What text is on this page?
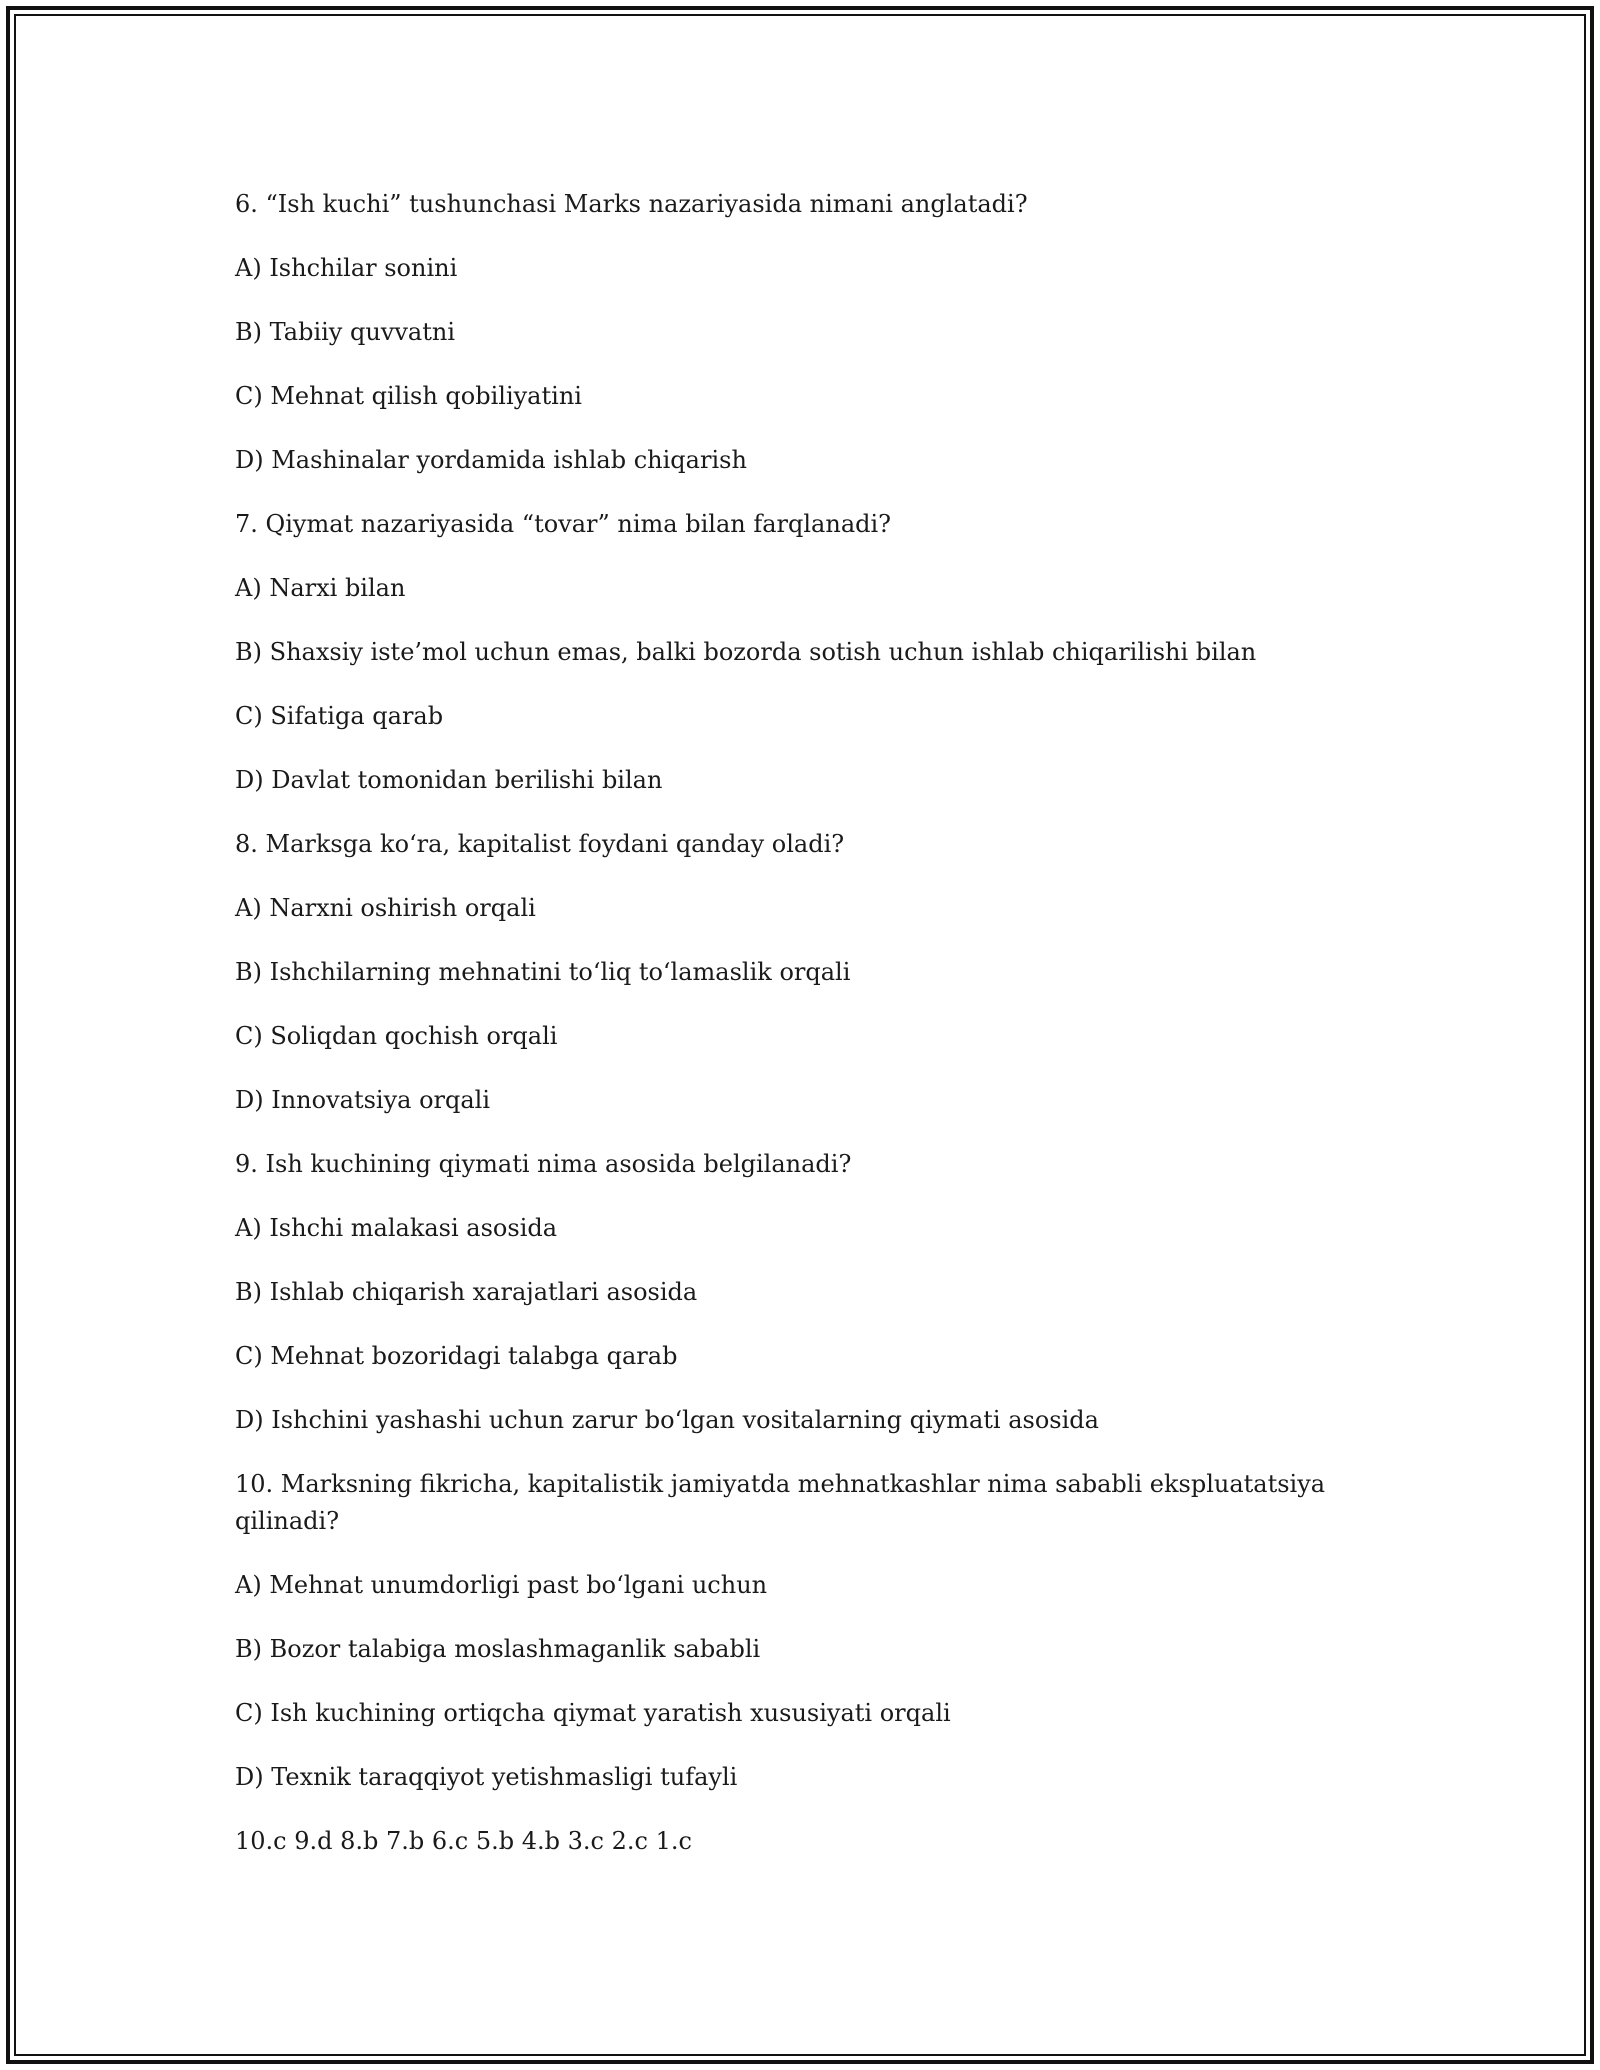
6. “Ish kuchi” tushunchasi Marks nazariyasida nimani anglatadi?
A) Ishchilar sonini
B) Tabiiy quvvatni
C) Mehnat qilish qobiliyatini
D) Mashinalar yordamida ishlab chiqarish
7. Qiymat nazariyasida “tovar” nima bilan farqlanadi?
A) Narxi bilan
B) Shaxsiy iste’mol uchun emas, balki bozorda sotish uchun ishlab chiqarilishi bilan
C) Sifatiga qarab
D) Davlat tomonidan berilishi bilan
8. Marksga koʻra, kapitalist foydani qanday oladi?
A) Narxni oshirish orqali
B) Ishchilarning mehnatini toʻliq toʻlamaslik orqali
C) Soliqdan qochish orqali
D) Innovatsiya orqali
9. Ish kuchining qiymati nima asosida belgilanadi?
A) Ishchi malakasi asosida
B) Ishlab chiqarish xarajatlari asosida
C) Mehnat bozoridagi talabga qarab
D) Ishchini yashashi uchun zarur boʻlgan vositalarning qiymati asosida
10. Marksning fikricha, kapitalistik jamiyatda mehnatkashlar nima sababli ekspluatatsiya qilinadi?
A) Mehnat unumdorligi past boʻlgani uchun
B) Bozor talabiga moslashmaganlik sababli
C) Ish kuchining ortiqcha qiymat yaratish xususiyati orqali
D) Texnik taraqqiyot yetishmasligi tufayli
10.c 9.d 8.b 7.b 6.c 5.b 4.b 3.c 2.c 1.c
